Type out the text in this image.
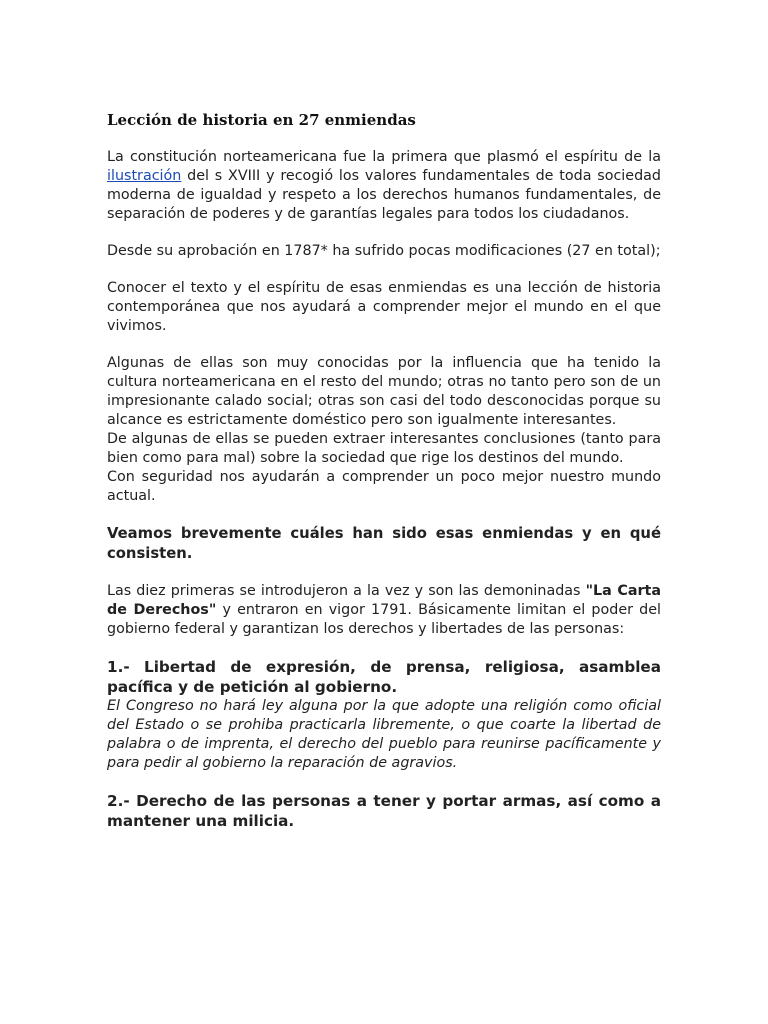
Lección de historia en 27 enmiendas

La constitución norteamericana fue la primera que plasmó el espíritu de la ilustración del s XVIII y recogió los valores fundamentales de toda sociedad moderna de igualdad y respeto a los derechos humanos fundamentales, de separación de poderes y de garantías legales para todos los ciudadanos.

Desde su aprobación en 1787* ha sufrido pocas modificaciones (27 en total);

Conocer el texto y el espíritu de esas enmiendas es una lección de historia contemporánea que nos ayudará a comprender mejor el mundo en el que vivimos.

Algunas de ellas son muy conocidas por la influencia que ha tenido la cultura norteamericana en el resto del mundo; otras no tanto pero son de un impresionante calado social; otras son casi del todo desconocidas porque su alcance es estrictamente doméstico pero son igualmente interesantes.

De algunas de ellas se pueden extraer interesantes conclusiones (tanto para bien como para mal) sobre la sociedad que rige los destinos del mundo.

Con seguridad nos ayudarán a comprender un poco mejor nuestro mundo actual.

Veamos brevemente cuáles han sido esas enmiendas y en qué consisten.

Las diez primeras se introdujeron a la vez y son las demoninadas "La Carta de Derechos" y entraron en vigor 1791. Básicamente limitan el poder del gobierno federal y garantizan los derechos y libertades de las personas:

1.- Libertad de expresión, de prensa, religiosa, asamblea pacífica y de petición al gobierno.
El Congreso no hará ley alguna por la que adopte una religión como oficial del Estado o se prohiba practicarla libremente, o que coarte la libertad de palabra o de imprenta, el derecho del pueblo para reunirse pacíficamente y para pedir al gobierno la reparación de agravios.
2.- Derecho de las personas a tener y portar armas, así como a mantener una milicia.
